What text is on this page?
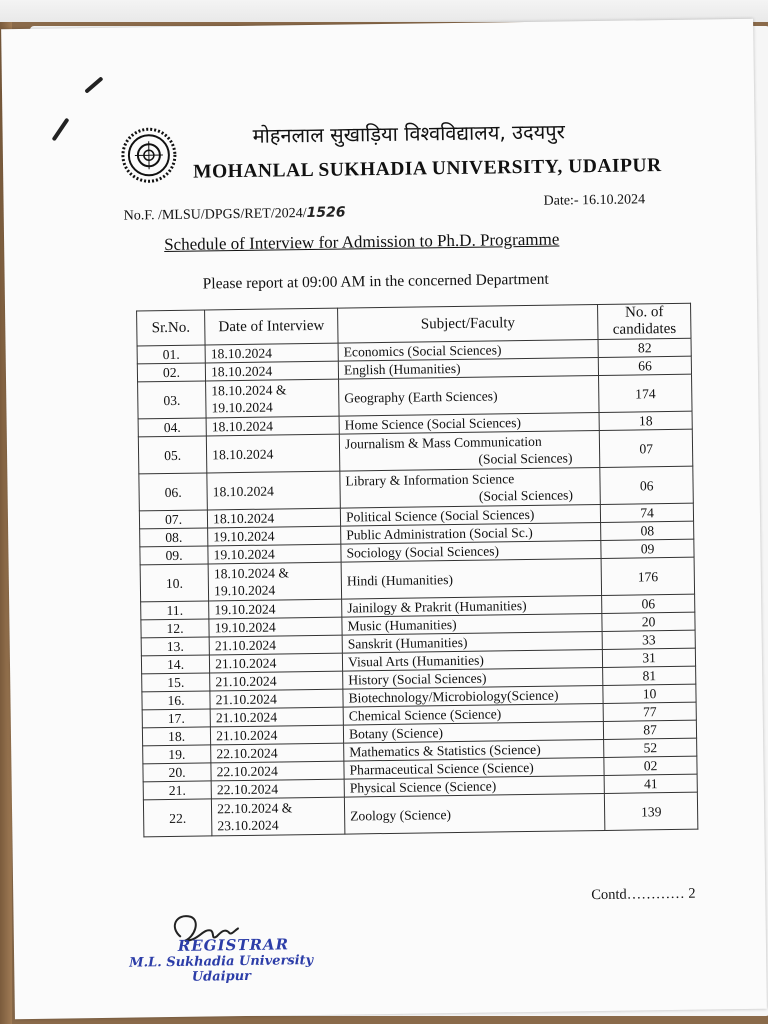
मोहनलाल सुखाड़िया विश्वविद्यालय, उदयपुर
MOHANLAL SUKHADIA UNIVERSITY, UDAIPUR
No.F. /MLSU/DPGS/RET/2024/1526
Date:- 16.10.2024
Schedule of Interview for Admission to Ph.D. Programme
Please report at 09:00 AM in the concerned Department
Sr.No.	Date of Interview	Subject/Faculty	No. of candidates
01.	18.10.2024	Economics (Social Sciences)	82
02.	18.10.2024	English (Humanities)	66
03.	18.10.2024 & 19.10.2024	Geography (Earth Sciences)	174
04.	18.10.2024	Home Science (Social Sciences)	18
05.	18.10.2024	Journalism & Mass Communication
(Social Sciences)	07
06.	18.10.2024	Library & Information Science
(Social Sciences)	06
07.	18.10.2024	Political Science (Social Sciences)	74
08.	19.10.2024	Public Administration (Social Sc.)	08
09.	19.10.2024	Sociology (Social Sciences)	09
10.	18.10.2024 & 19.10.2024	Hindi (Humanities)	176
11.	19.10.2024	Jainilogy & Prakrit (Humanities)	06
12.	19.10.2024	Music (Humanities)	20
13.	21.10.2024	Sanskrit (Humanities)	33
14.	21.10.2024	Visual Arts (Humanities)	31
15.	21.10.2024	History (Social Sciences)	81
16.	21.10.2024	Biotechnology/Microbiology(Science)	10
17.	21.10.2024	Chemical Science (Science)	77
18.	21.10.2024	Botany (Science)	87
19.	22.10.2024	Mathematics & Statistics (Science)	52
20.	22.10.2024	Pharmaceutical Science (Science)	02
21.	22.10.2024	Physical Science (Science)	41
22.	22.10.2024 & 23.10.2024	Zoology (Science)	139
Contd………… 2
REGISTRAR
M.L. Sukhadia University
Udaipur
